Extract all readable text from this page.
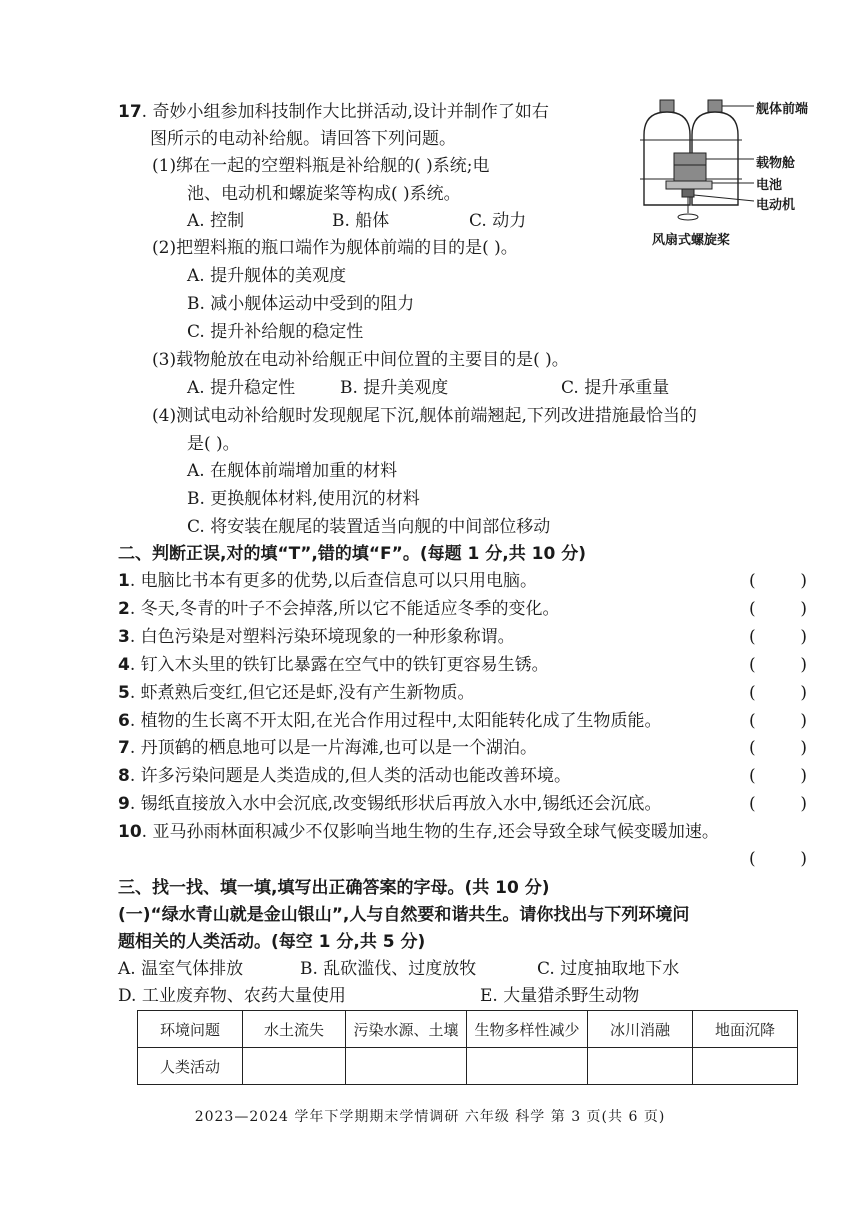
17. 奇妙小组参加科技制作大比拼活动,设计并制作了如右
图所示的电动补给舰。请回答下列问题。
(1)绑在一起的空塑料瓶是补给舰的( )系统;电
池、电动机和螺旋桨等构成( )系统。
A. 控制	B. 船体	C. 动力
(2)把塑料瓶的瓶口端作为舰体前端的目的是( )。
A. 提升舰体的美观度
B. 减小舰体运动中受到的阻力
C. 提升补给舰的稳定性
(3)载物舱放在电动补给舰正中间位置的主要目的是( )。
A. 提升稳定性	B. 提升美观度	C. 提升承重量
(4)测试电动补给舰时发现舰尾下沉,舰体前端翘起,下列改进措施最恰当的
是( )。
A. 在舰体前端增加重的材料
B. 更换舰体材料,使用沉的材料
C. 将安装在舰尾的装置适当向舰的中间部位移动
舰体前端
载物舱
电池
电动机
风扇式螺旋桨
二、判断正误,对的填“T”,错的填“F”。(每题 1 分,共 10 分)
1. 电脑比书本有更多的优势,以后查信息可以只用电脑。	(	)
2. 冬天,冬青的叶子不会掉落,所以它不能适应冬季的变化。	(	)
3. 白色污染是对塑料污染环境现象的一种形象称谓。	(	)
4. 钉入木头里的铁钉比暴露在空气中的铁钉更容易生锈。	(	)
5. 虾煮熟后变红,但它还是虾,没有产生新物质。	(	)
6. 植物的生长离不开太阳,在光合作用过程中,太阳能转化成了生物质能。	(	)
7. 丹顶鹤的栖息地可以是一片海滩,也可以是一个湖泊。	(	)
8. 许多污染问题是人类造成的,但人类的活动也能改善环境。	(	)
9. 锡纸直接放入水中会沉底,改变锡纸形状后再放入水中,锡纸还会沉底。	(	)
10. 亚马孙雨林面积减少不仅影响当地生物的生存,还会导致全球气候变暖加速。
(	)
三、找一找、填一填,填写出正确答案的字母。(共 10 分)
(一)“绿水青山就是金山银山”,人与自然要和谐共生。请你找出与下列环境问
题相关的人类活动。(每空 1 分,共 5 分)
A. 温室气体排放	B. 乱砍滥伐、过度放牧	C. 过度抽取地下水
D. 工业废弃物、农药大量使用	E. 大量猎杀野生动物
环境问题	水土流失	污染水源、土壤	生物多样性减少	冰川消融	地面沉降
人类活动					
2023—2024 学年下学期期末学情调研 六年级 科学 第 3 页(共 6 页)
